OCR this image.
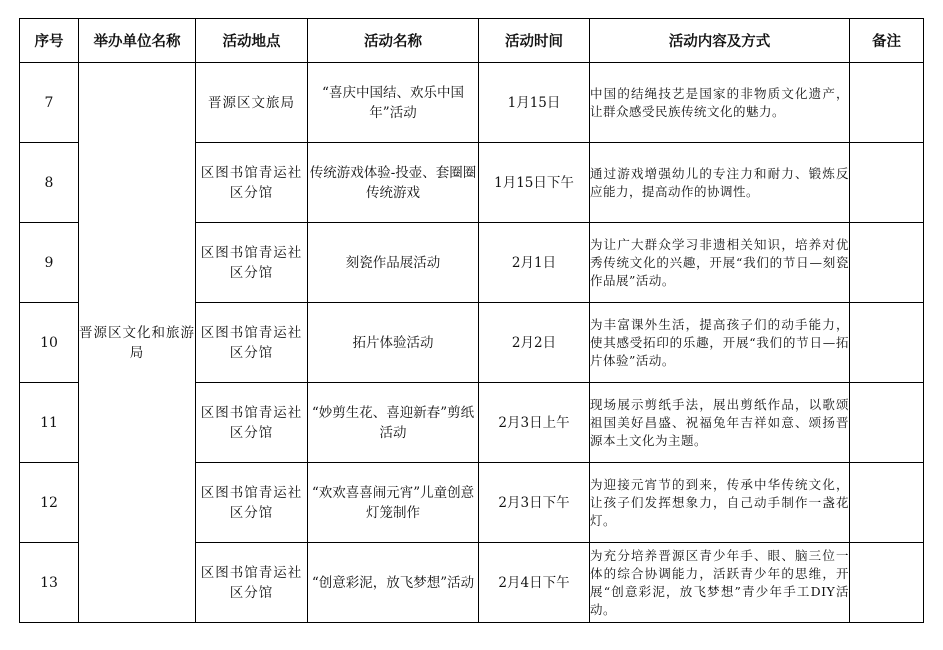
序号	举办单位名称	活动地点	活动名称	活动时间	活动内容及方式	备注
7	晋源区文化和旅游局	晋源区文旅局	“喜庆中国结、欢乐中国年”活动	1月15日	中国的结绳技艺是国家的非物质文化遗产，让群众感受民族传统文化的魅力。	
8		区图书馆青运社区分馆	传统游戏体验-投壶、套圈圈传统游戏	1月15日下午	通过游戏增强幼儿的专注力和耐力、锻炼反应能力，提高动作的协调性。	
9		区图书馆青运社区分馆	刻瓷作品展活动	2月1日	为让广大群众学习非遗相关知识，培养对优秀传统文化的兴趣，开展“我们的节日—刻瓷作品展”活动。	
10		区图书馆青运社区分馆	拓片体验活动	2月2日	为丰富课外生活，提高孩子们的动手能力，使其感受拓印的乐趣，开展“我们的节日—拓片体验”活动。	
11		区图书馆青运社区分馆	“妙剪生花、喜迎新春”剪纸活动	2月3日上午	现场展示剪纸手法，展出剪纸作品，以歌颂祖国美好昌盛、祝福兔年吉祥如意、颂扬晋源本土文化为主题。	
12		区图书馆青运社区分馆	“欢欢喜喜闹元宵”儿童创意灯笼制作	2月3日下午	为迎接元宵节的到来，传承中华传统文化，让孩子们发挥想象力，自己动手制作一盏花灯。	
13		区图书馆青运社区分馆	“创意彩泥，放飞梦想”活动	2月4日下午	为充分培养晋源区青少年手、眼、脑三位一体的综合协调能力，活跃青少年的思维，开展“创意彩泥，放飞梦想”青少年手工DIY活动。	
